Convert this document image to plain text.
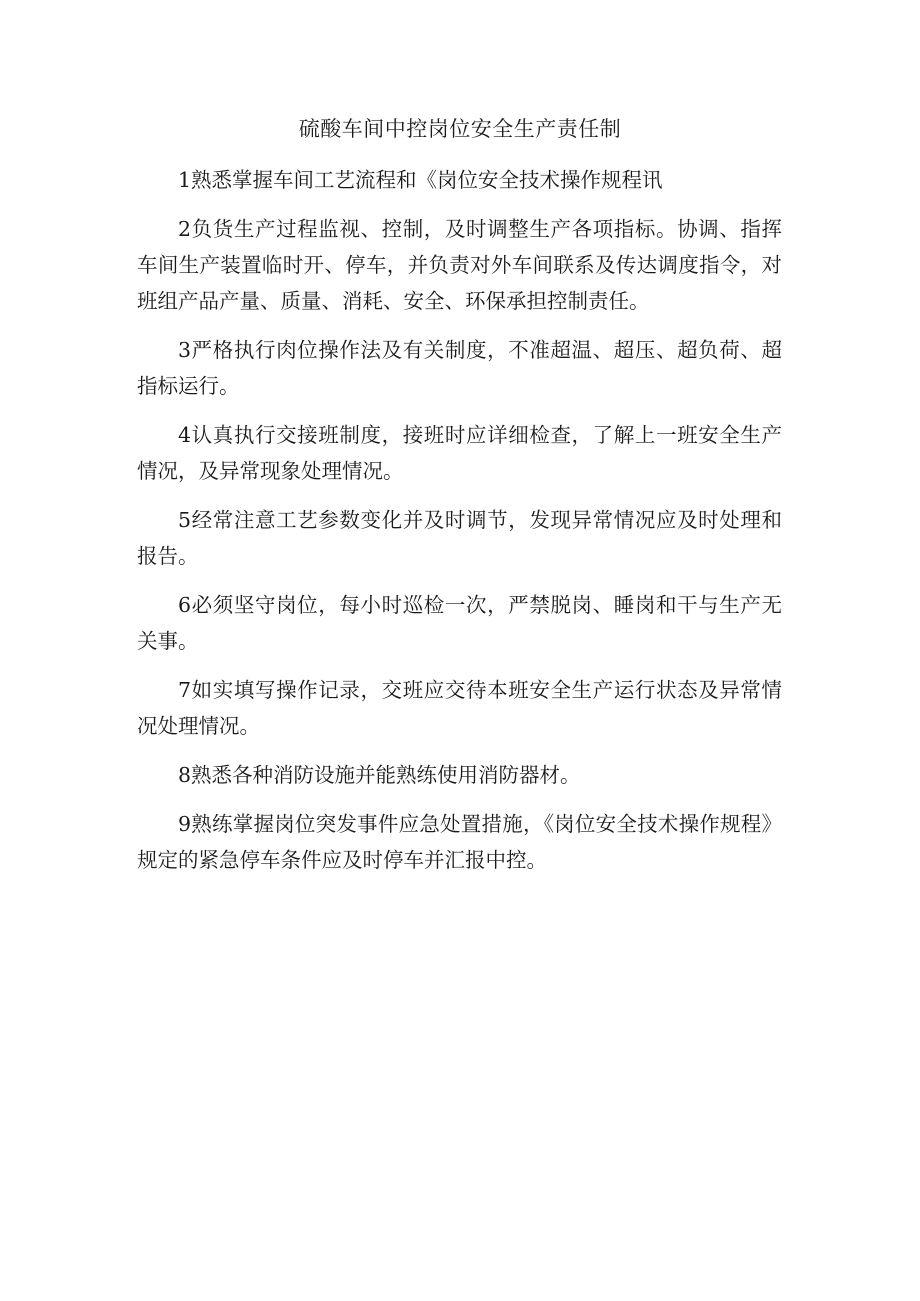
硫酸车间中控岗位安全生产责任制

1熟悉掌握车间工艺流程和《岗位安全技术操作规程讯

2负货生产过程监视、控制，及时调整生产各项指标。协调、指挥车间生产装置临时开、停车，并负责对外车间联系及传达调度指令，对班组产品产量、质量、消耗、安全、环保承担控制责任。

3严格执行肉位操作法及有关制度，不准超温、超压、超负荷、超指标运行。

4认真执行交接班制度，接班时应详细检查，了解上一班安全生产情况，及异常现象处理情况。

5经常注意工艺参数变化并及时调节，发现异常情况应及时处理和报告。

6必须坚守岗位，每小时巡检一次，严禁脱岗、睡岗和干与生产无关事。

7如实填写操作记录，交班应交待本班安全生产运行状态及异常情况处理情况。

8熟悉各种消防设施并能熟练使用消防器材。

9熟练掌握岗位突发事件应急处置措施，《岗位安全技术操作规程》规定的紧急停车条件应及时停车并汇报中控。
